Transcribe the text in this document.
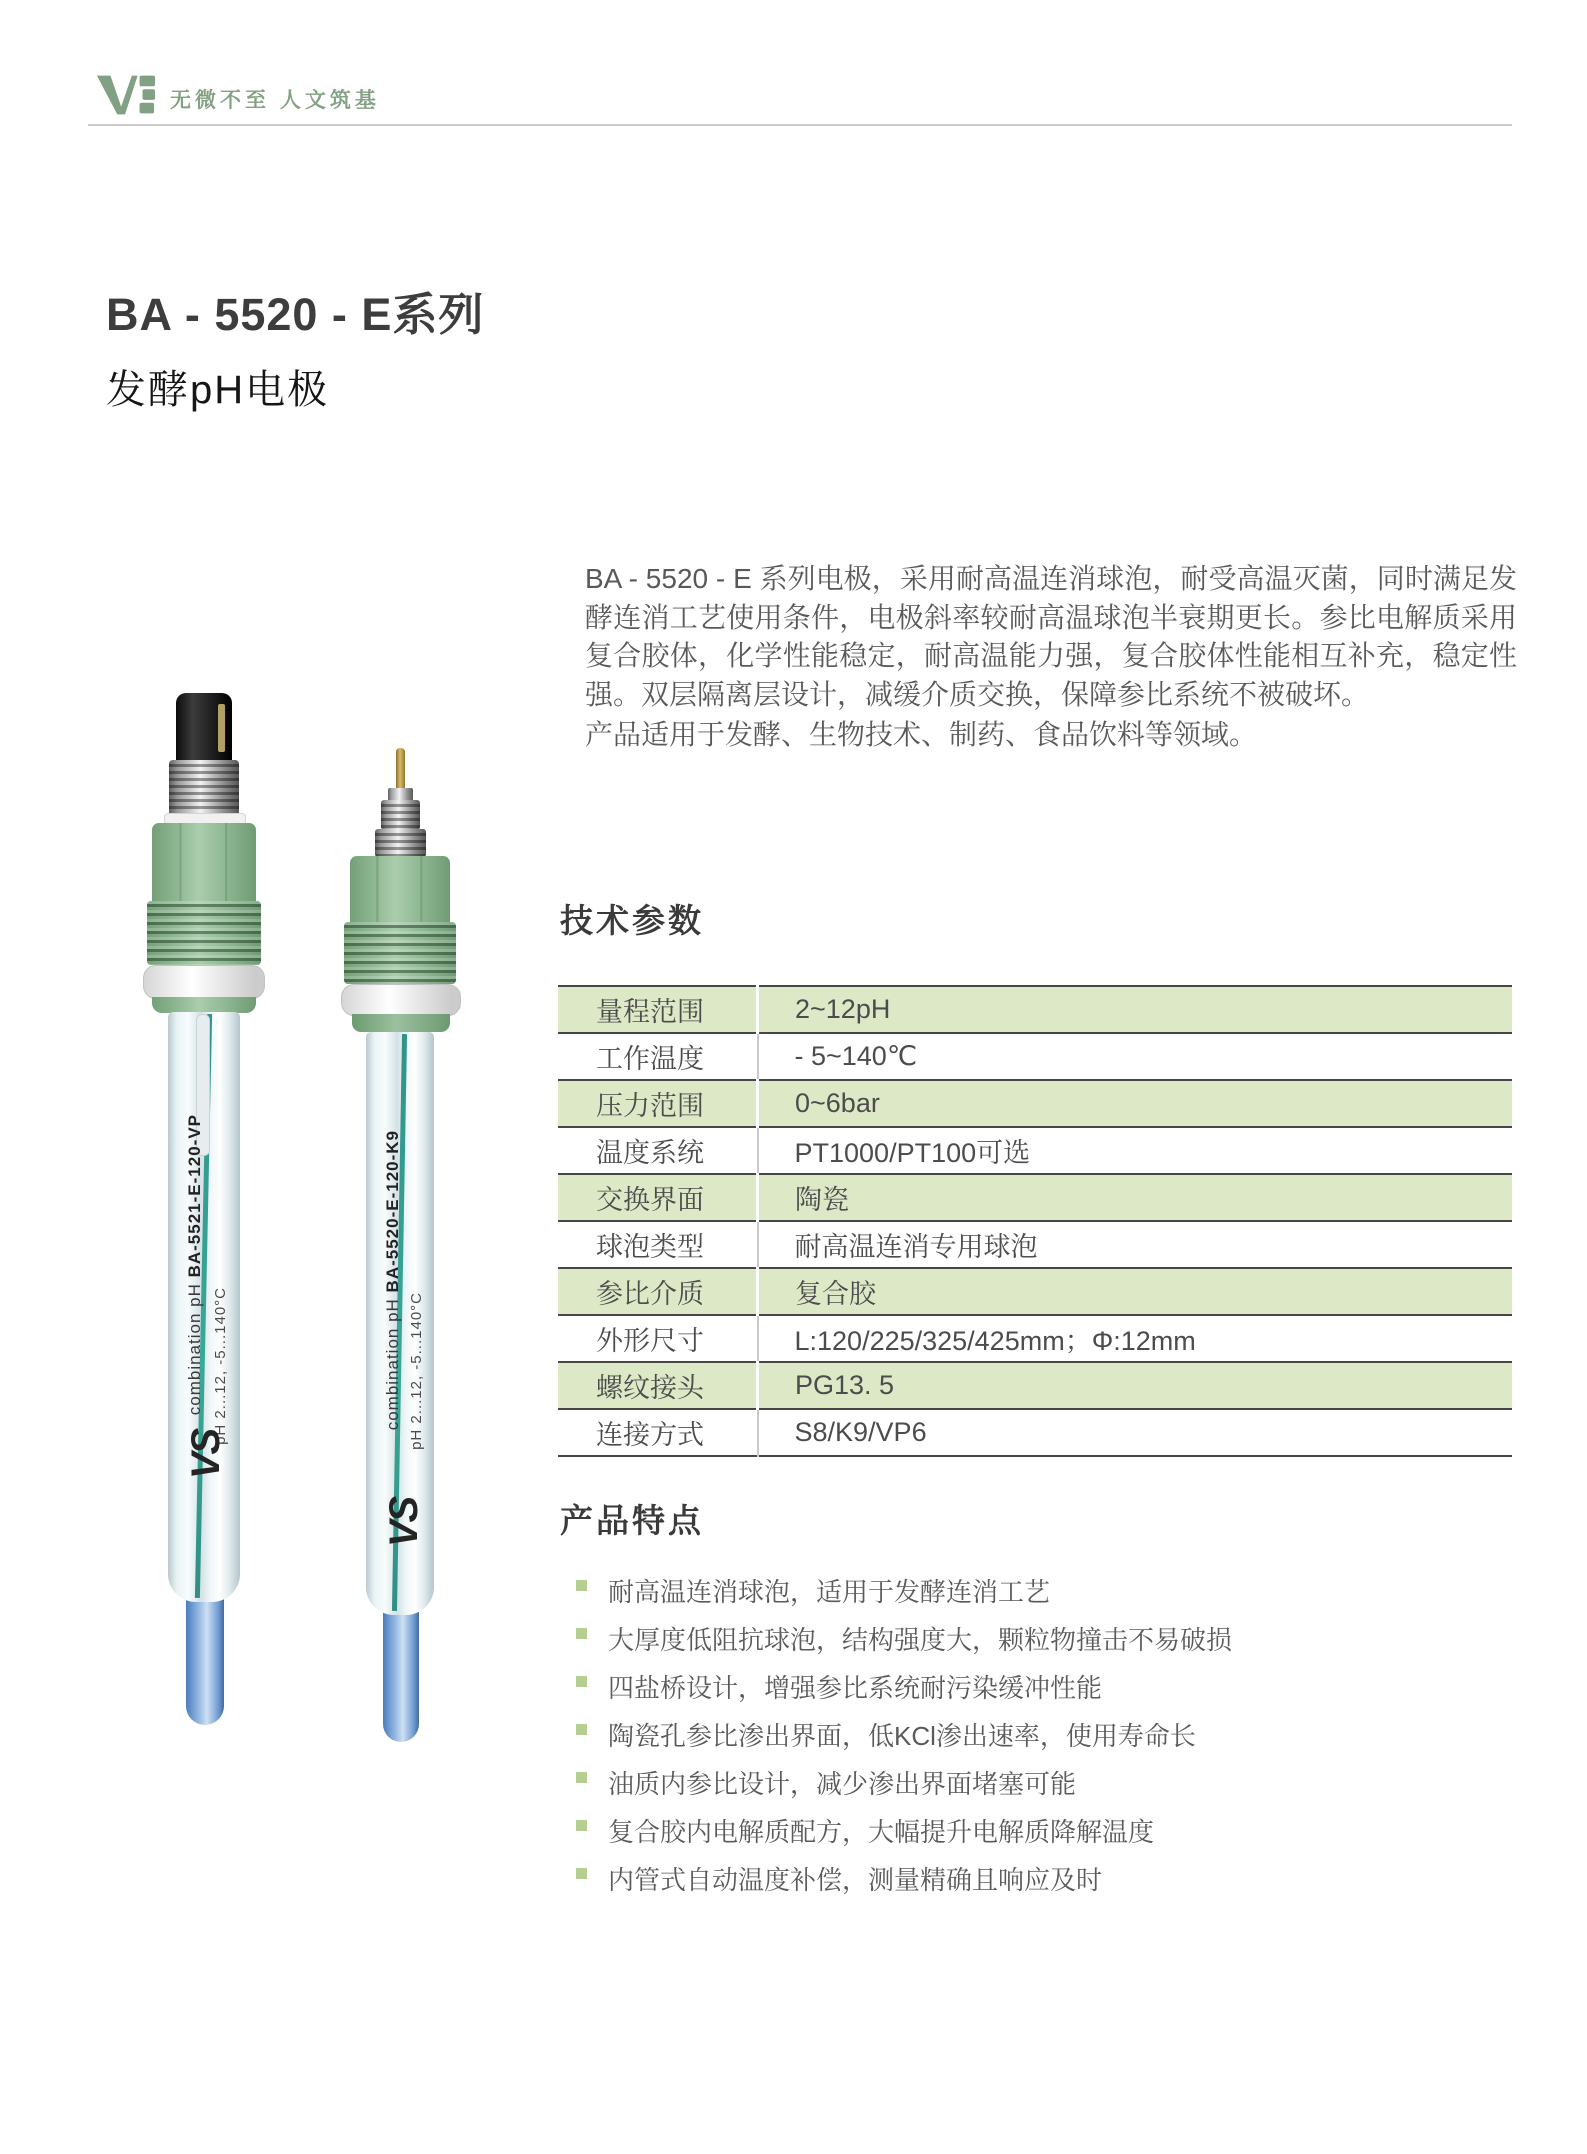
无微不至 人文筑基
BA - 5520 - E系列
发酵pH电极
combination pH BA-5521-E-120-VP
pH 2...12, -5...140°C
VS
combination pH BA-5520-E-120-K9
pH 2...12, -5...140°C
VS

BA - 5520 - E 系列电极，采用耐高温连消球泡，耐受高温灭菌，同时满足发酵连消工艺使用条件，电极斜率较耐高温球泡半衰期更长。参比电解质采用复合胶体，化学性能稳定，耐高温能力强，复合胶体性能相互补充，稳定性强。双层隔离层设计，减缓介质交换，保障参比系统不被破坏。

产品适用于发酵、生物技术、制药、食品饮料等领域。

技术参数
量程范围	2~12pH
工作温度	- 5~140℃
压力范围	0~6bar
温度系统	PT1000/PT100可选
交换界面	陶瓷
球泡类型	耐高温连消专用球泡
参比介质	复合胶
外形尺寸	L:120/225/325/425mm；Φ:12mm
螺纹接头	PG13. 5
连接方式	S8/K9/VP6
产品特点
耐高温连消球泡，适用于发酵连消工艺
大厚度低阻抗球泡，结构强度大，颗粒物撞击不易破损
四盐桥设计，增强参比系统耐污染缓冲性能
陶瓷孔参比渗出界面，低KCl渗出速率，使用寿命长
油质内参比设计，减少渗出界面堵塞可能
复合胶内电解质配方，大幅提升电解质降解温度
内管式自动温度补偿，测量精确且响应及时
